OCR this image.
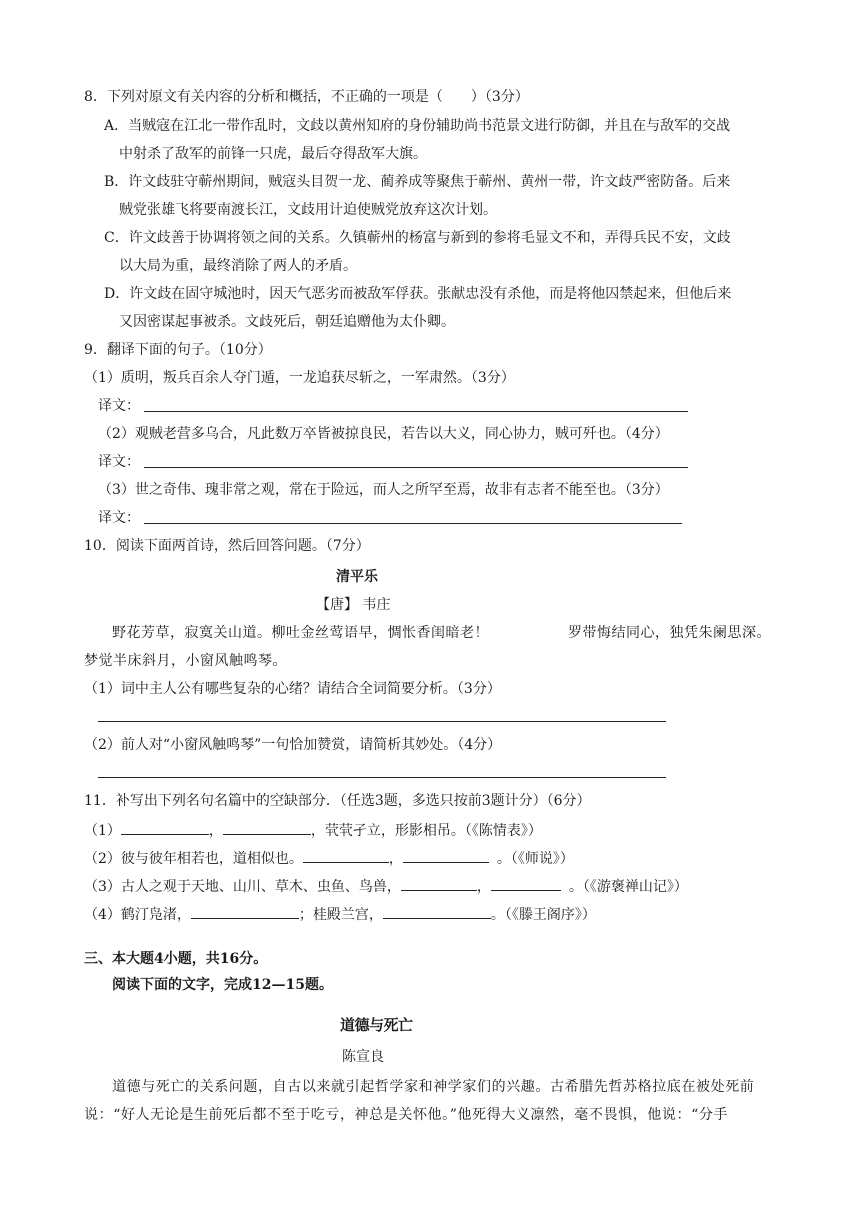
8．下列对原文有关内容的分析和概括，不正确的一项是（　　）（3分）
A．当贼寇在江北一带作乱时，文歧以黄州知府的身份辅助尚书范景文进行防御，并且在与敌军的交战
中射杀了敌军的前锋一只虎，最后夺得敌军大旗。
B．许文歧驻守蕲州期间，贼寇头目贺一龙、蔺养成等聚焦于蕲州、黄州一带，许文歧严密防备。后来
贼党张雄飞将要南渡长江，文歧用计迫使贼党放弃这次计划。
C．许文歧善于协调将领之间的关系。久镇蕲州的杨富与新到的参将毛显文不和，弄得兵民不安，文歧
以大局为重，最终消除了两人的矛盾。
D．许文歧在固守城池时，因天气恶劣而被敌军俘获。张献忠没有杀他，而是将他囚禁起来，但他后来
又因密谋起事被杀。文歧死后，朝廷追赠他为太仆卿。
9．翻译下面的句子。（10分）
（1）质明，叛兵百余人夺门遁，一龙追获尽斩之，一军肃然。（3分）
译文：
（2）观贼老营多乌合，凡此数万卒皆被掠良民，若告以大义，同心协力，贼可歼也。（4分）
译文：
（3）世之奇伟、瑰非常之观，常在于险远，而人之所罕至焉，故非有志者不能至也。（3分）
译文：
10．阅读下面两首诗，然后回答问题。（7分）
清平乐
【唐】 韦庄
野花芳草，寂寞关山道。柳吐金丝莺语早，惆怅香闺暗老！	罗带悔结同心，独凭朱阑思深。
梦觉半床斜月，小窗风触鸣琴。
（1）词中主人公有哪些复杂的心绪？请结合全词简要分析。（3分）
（2）前人对“小窗风触鸣琴”一句恰加赞赏，请简析其妙处。（4分）
11．补写出下列名句名篇中的空缺部分．（任选3题，多选只按前3题计分）（6分）
（1）	，	，茕茕孑立，形影相吊。（《陈情表》）
（2）彼与彼年相若也，道相似也。	，	。（《师说》）
（3）古人之观于天地、山川、草木、虫鱼、鸟兽，	，	。（《游褒禅山记》）
（4）鹤汀凫渚，	；桂殿兰宫，	。（《滕王阁序》）
三、本大题4小题，共16分。
阅读下面的文字，完成12—15题。
道德与死亡
陈宣良
道德与死亡的关系问题，自古以来就引起哲学家和神学家们的兴趣。古希腊先哲苏格拉底在被处死前
说：“好人无论是生前死后都不至于吃亏，神总是关怀他。”他死得大义凛然，毫不畏惧，他说：“分手
